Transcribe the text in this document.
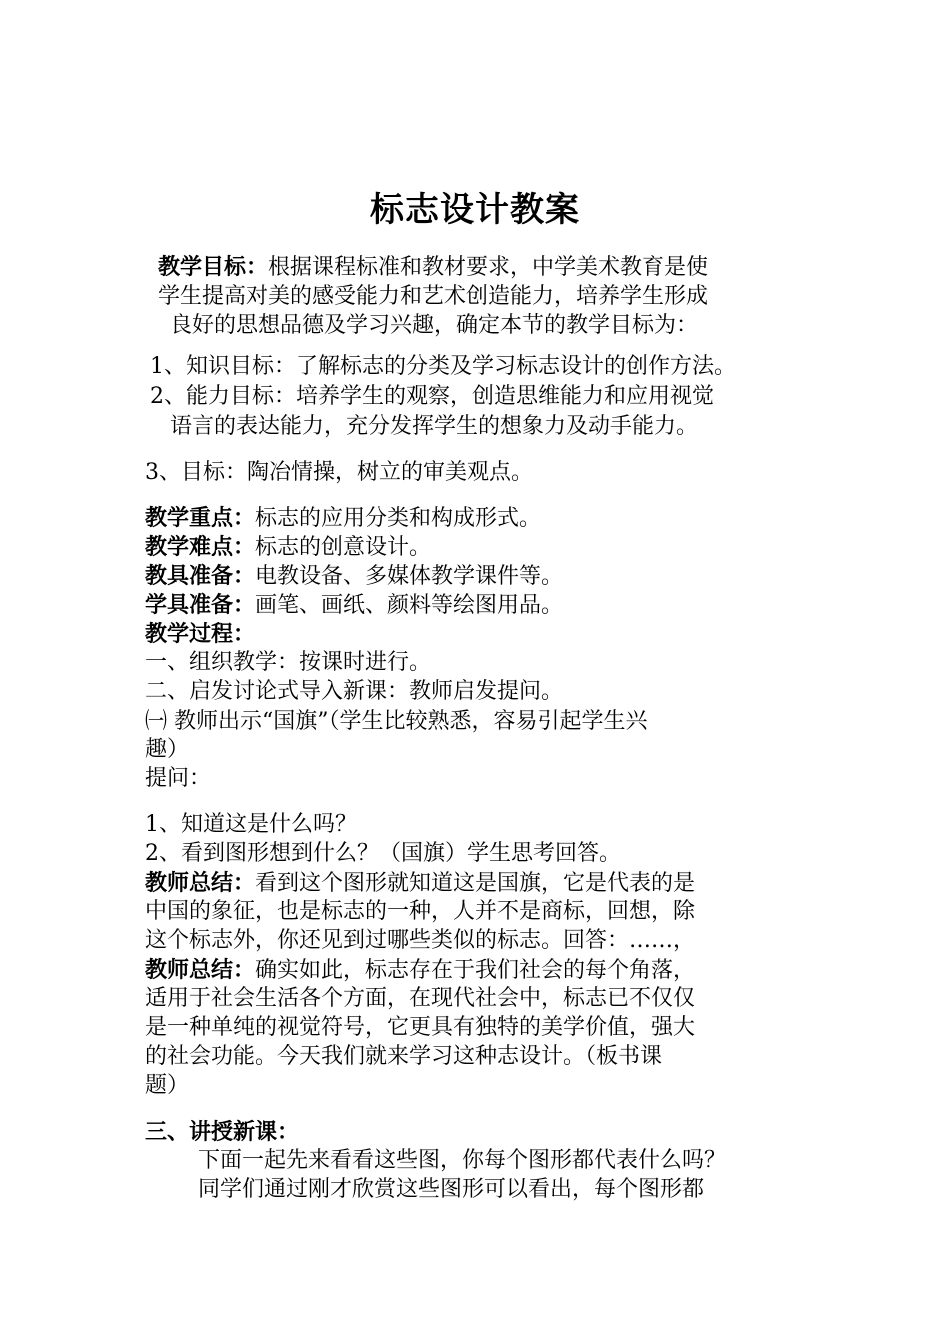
标志设计教案
教学目标：根据课程标准和教材要求，中学美术教育是使
学生提高对美的感受能力和艺术创造能力，培养学生形成
良好的思想品德及学习兴趣，确定本节的教学目标为：
1、知识目标：了解标志的分类及学习标志设计的创作方法。
2、能力目标：培养学生的观察，创造思维能力和应用视觉
语言的表达能力，充分发挥学生的想象力及动手能力。
3、目标：陶冶情操，树立的审美观点。
教学重点：标志的应用分类和构成形式。
教学难点：标志的创意设计。
教具准备：电教设备、多媒体教学课件等。
学具准备：画笔、画纸、颜料等绘图用品。
教学过程：
一、组织教学：按课时进行。
二、启发讨论式导入新课：教师启发提问。
㈠ 教师出示“国旗”（学生比较熟悉，容易引起学生兴
趣）
提问：
1、知道这是什么吗？
2、看到图形想到什么？（国旗）学生思考回答。
教师总结：看到这个图形就知道这是国旗，它是代表的是
中国的象征，也是标志的一种，人并不是商标，回想，除
这个标志外，你还见到过哪些类似的标志。回答：……，
教师总结：确实如此，标志存在于我们社会的每个角落，
适用于社会生活各个方面，在现代社会中，标志已不仅仅
是一种单纯的视觉符号，它更具有独特的美学价值，强大
的社会功能。今天我们就来学习这种志设计。（板书课
题）
三、讲授新课：
下面一起先来看看这些图，你每个图形都代表什么吗？
同学们通过刚才欣赏这些图形可以看出，每个图形都
